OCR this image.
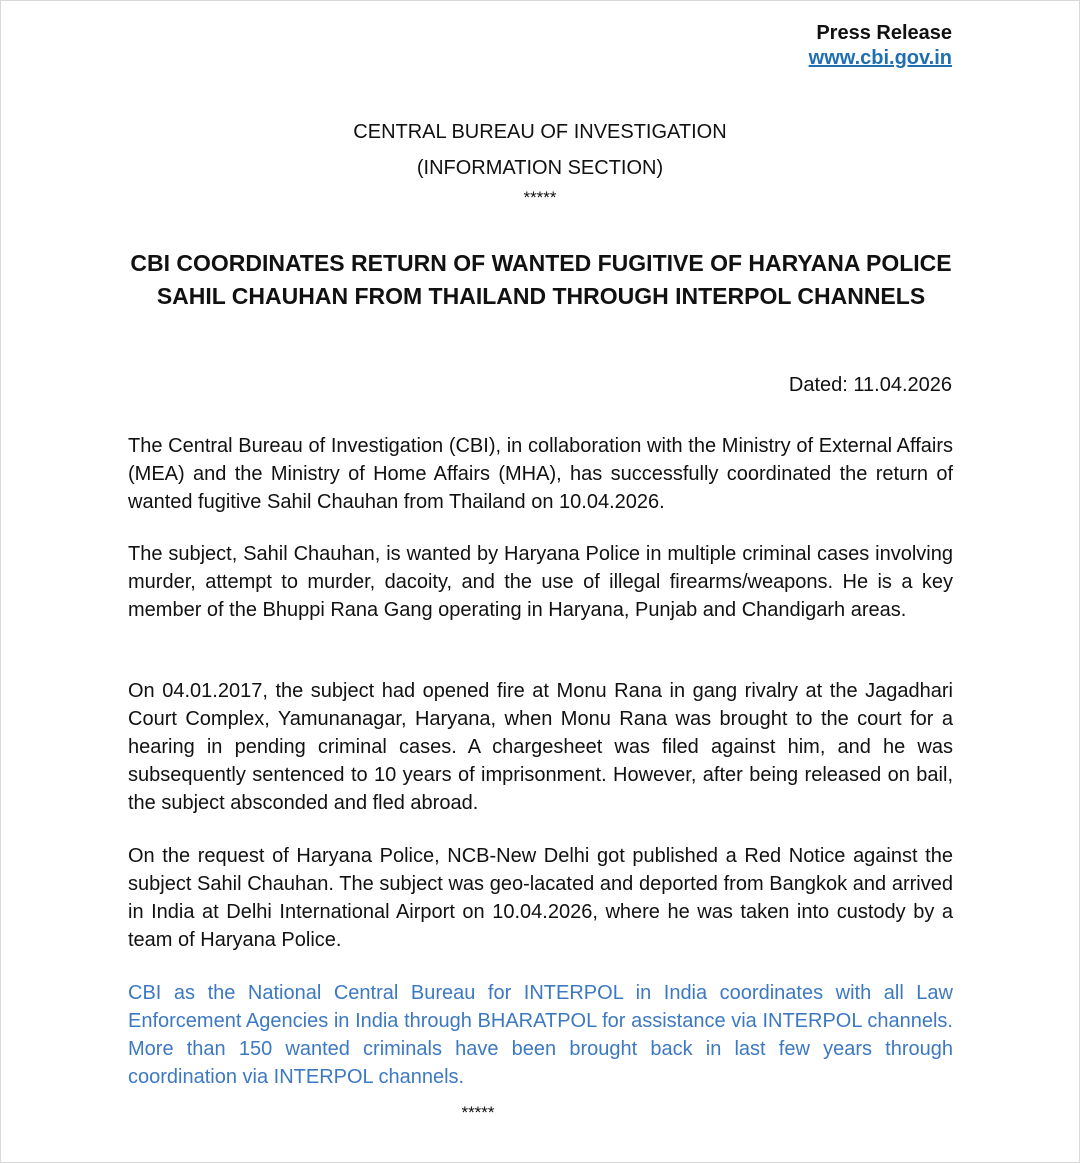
Press Release
www.cbi.gov.in
CENTRAL BUREAU OF INVESTIGATION
(INFORMATION SECTION)
*****
CBI COORDINATES RETURN OF WANTED FUGITIVE OF HARYANA POLICE SAHIL CHAUHAN FROM THAILAND THROUGH INTERPOL CHANNELS
Dated: 11.04.2026

The Central Bureau of Investigation (CBI), in collaboration with the Ministry of External Affairs (MEA) and the Ministry of Home Affairs (MHA), has successfully coordinated the return of wanted fugitive Sahil Chauhan from Thailand on 10.04.2026.

The subject, Sahil Chauhan, is wanted by Haryana Police in multiple criminal cases involving murder, attempt to murder, dacoity, and the use of illegal firearms/weapons. He is a key member of the Bhuppi Rana Gang operating in Haryana, Punjab and Chandigarh areas.

On 04.01.2017, the subject had opened fire at Monu Rana in gang rivalry at the Jagadhari Court Complex, Yamunanagar, Haryana, when Monu Rana was brought to the court for a hearing in pending criminal cases. A chargesheet was filed against him, and he was subsequently sentenced to 10 years of imprisonment. However, after being released on bail, the subject absconded and fled abroad.

On the request of Haryana Police, NCB-New Delhi got published a Red Notice against the subject Sahil Chauhan. The subject was geo-lacated and deported from Bangkok and arrived in India at Delhi International Airport on 10.04.2026, where he was taken into custody by a team of Haryana Police.

CBI as the National Central Bureau for INTERPOL in India coordinates with all Law Enforcement Agencies in India through BHARATPOL for assistance via INTERPOL channels. More than 150 wanted criminals have been brought back in last few years through coordination via INTERPOL channels.

*****
